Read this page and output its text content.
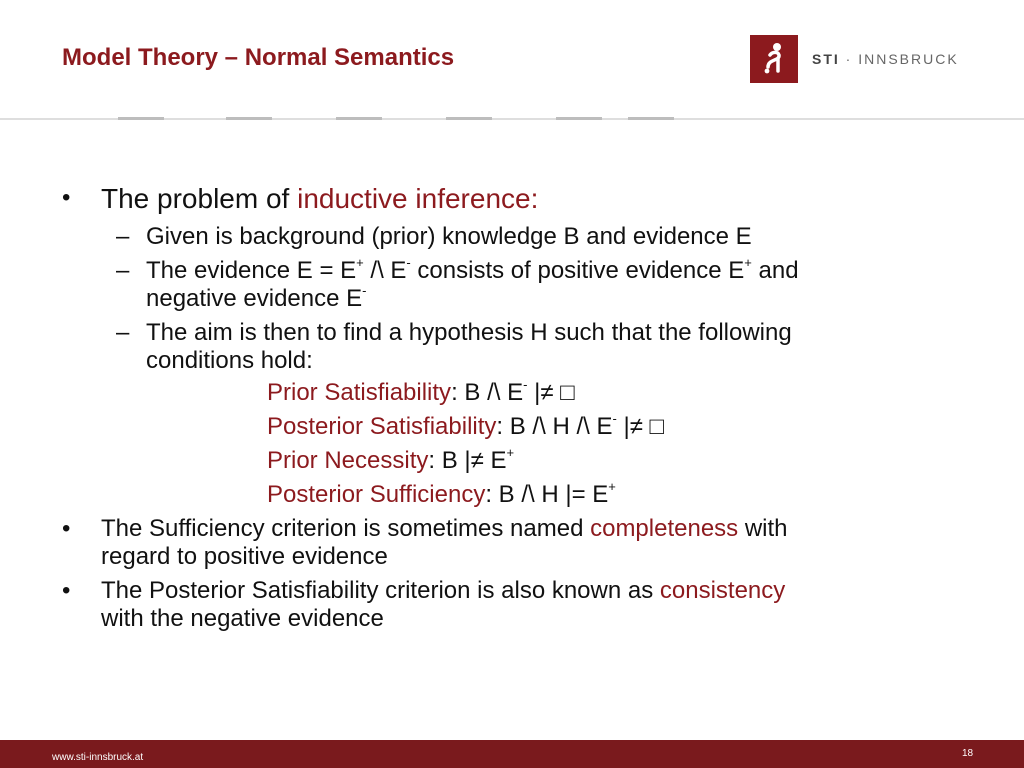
Model Theory – Normal Semantics	STI · INNSBRUCK
• The problem of inductive inference:
– Given is background (prior) knowledge B and evidence E
– The evidence E = E+ /\ E- consists of positive evidence E+ and
negative evidence E-
– The aim is then to find a hypothesis H such that the following
conditions hold:
Prior Satisfiability: B /\ E- |≠ □
Posterior Satisfiability: B /\ H /\ E- |≠ □
Prior Necessity: B |≠ E+
Posterior Sufficiency: B /\ H |= E+
• The Sufficiency criterion is sometimes named completeness with
regard to positive evidence
• The Posterior Satisfiability criterion is also known as consistency
with the negative evidence
www.sti-innsbruck.at	18
